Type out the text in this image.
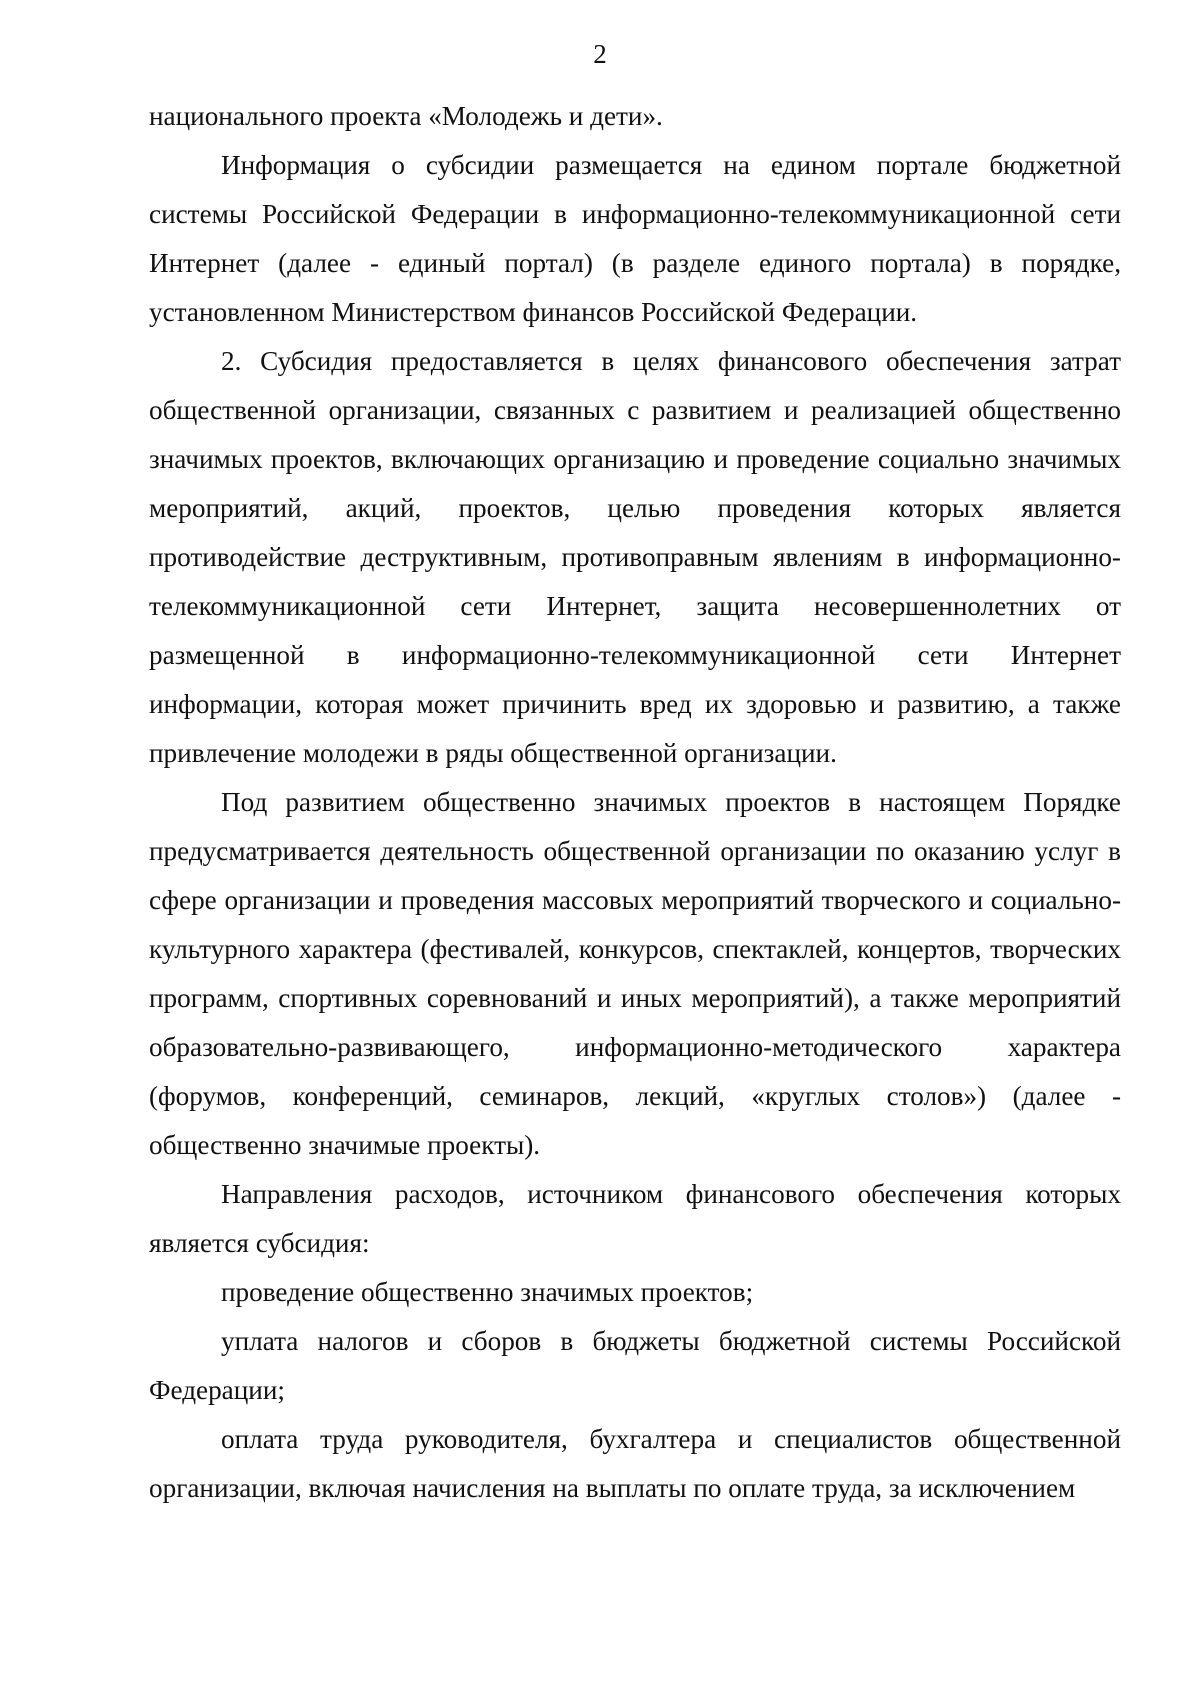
2

национального проекта «Молодежь и дети».

Информация о субсидии размещается на едином портале бюджетной системы Российской Федерации в информационно-телекоммуникационной сети Интернет (далее - единый портал) (в разделе единого портала) в порядке, установленном Министерством финансов Российской Федерации.

2. Субсидия предоставляется в целях финансового обеспечения затрат общественной организации, связанных с развитием и реализацией общественно значимых проектов, включающих организацию и проведение социально значимых мероприятий, акций, проектов, целью проведения которых является противодействие деструктивным, противоправным явлениям в информационно-телекоммуникационной сети Интернет, защита несовершеннолетних от размещенной в информационно-телекоммуникационной сети Интернет информации, которая может причинить вред их здоровью и развитию, а также привлечение молодежи в ряды общественной организации.

Под развитием общественно значимых проектов в настоящем Порядке предусматривается деятельность общественной организации по оказанию услуг в сфере организации и проведения массовых мероприятий творческого и социально-культурного характера (фестивалей, конкурсов, спектаклей, концертов, творческих программ, спортивных соревнований и иных мероприятий), а также мероприятий образовательно-развивающего, информационно-методического характера (форумов, конференций, семинаров, лекций, «круглых столов») (далее - общественно значимые проекты).

Направления расходов, источником финансового обеспечения которых является субсидия:

проведение общественно значимых проектов;

уплата налогов и сборов в бюджеты бюджетной системы Российской Федерации;

оплата труда руководителя, бухгалтера и специалистов общественной организации, включая начисления на выплаты по оплате труда, за исключением
